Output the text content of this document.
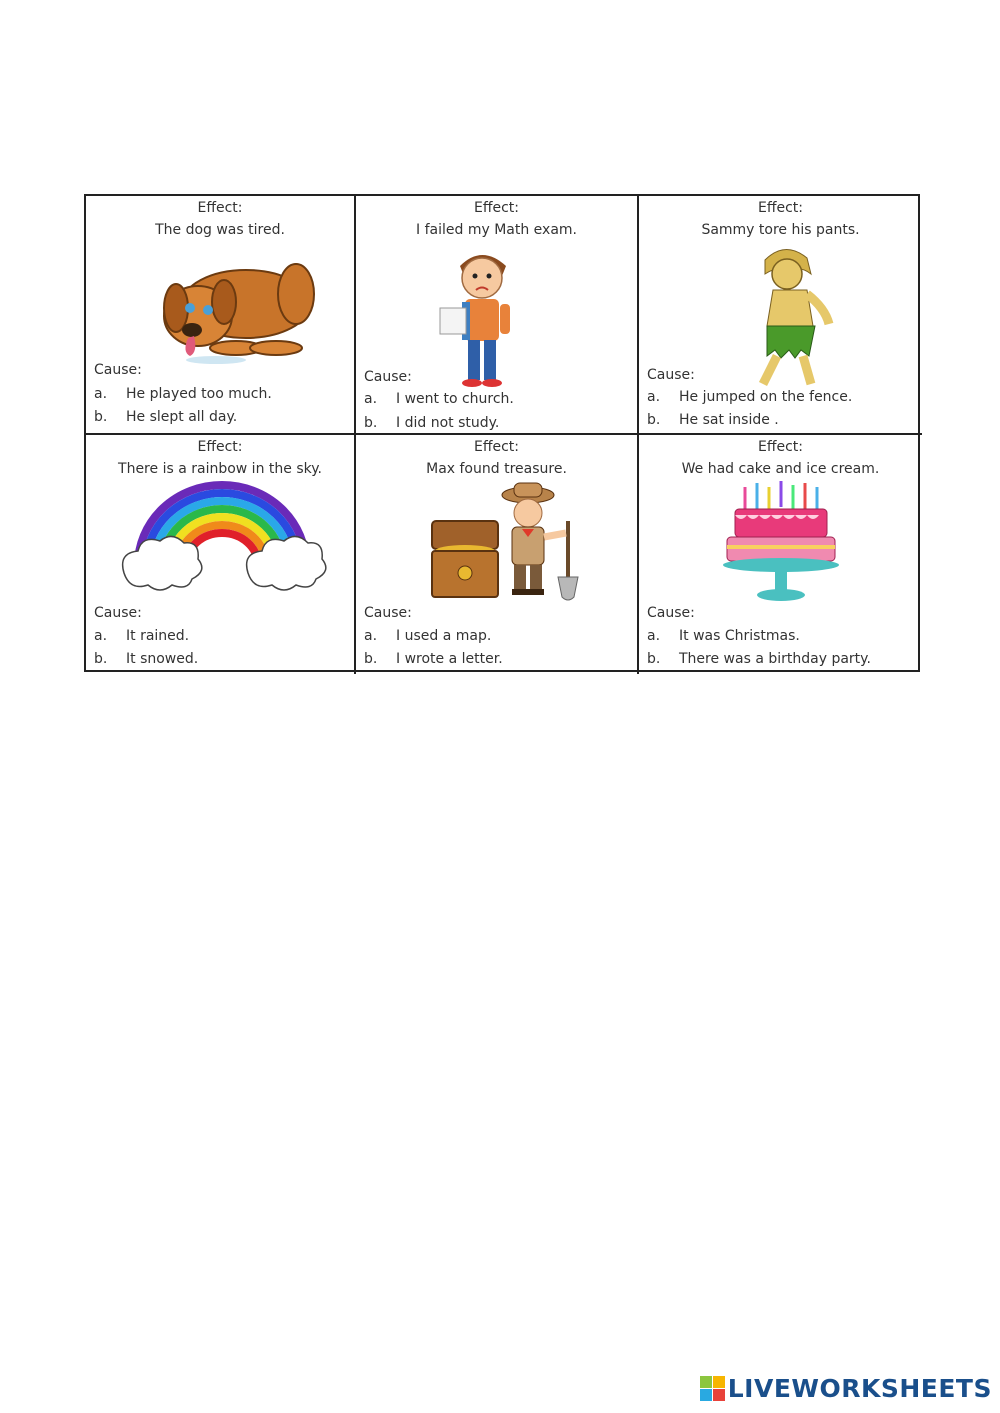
Effect:
The dog was tired.
Cause:
a. He played too much.
b. He slept all day.
Effect:
I failed my Math exam.
Cause:
a. I went to church.
b. I did not study.
Effect:
Sammy tore his pants.
Cause:
a. He jumped on the fence.
b. He sat inside .
Effect:
There is a rainbow in the sky.
Cause:
a. It rained.
b. It snowed.
Effect:
Max found treasure.
Cause:
a. I used a map.
b. I wrote a letter.
Effect:
We had cake and ice cream.
Cause:
a. It was Christmas.
b. There was a birthday party.
LIVEWORKSHEETS
